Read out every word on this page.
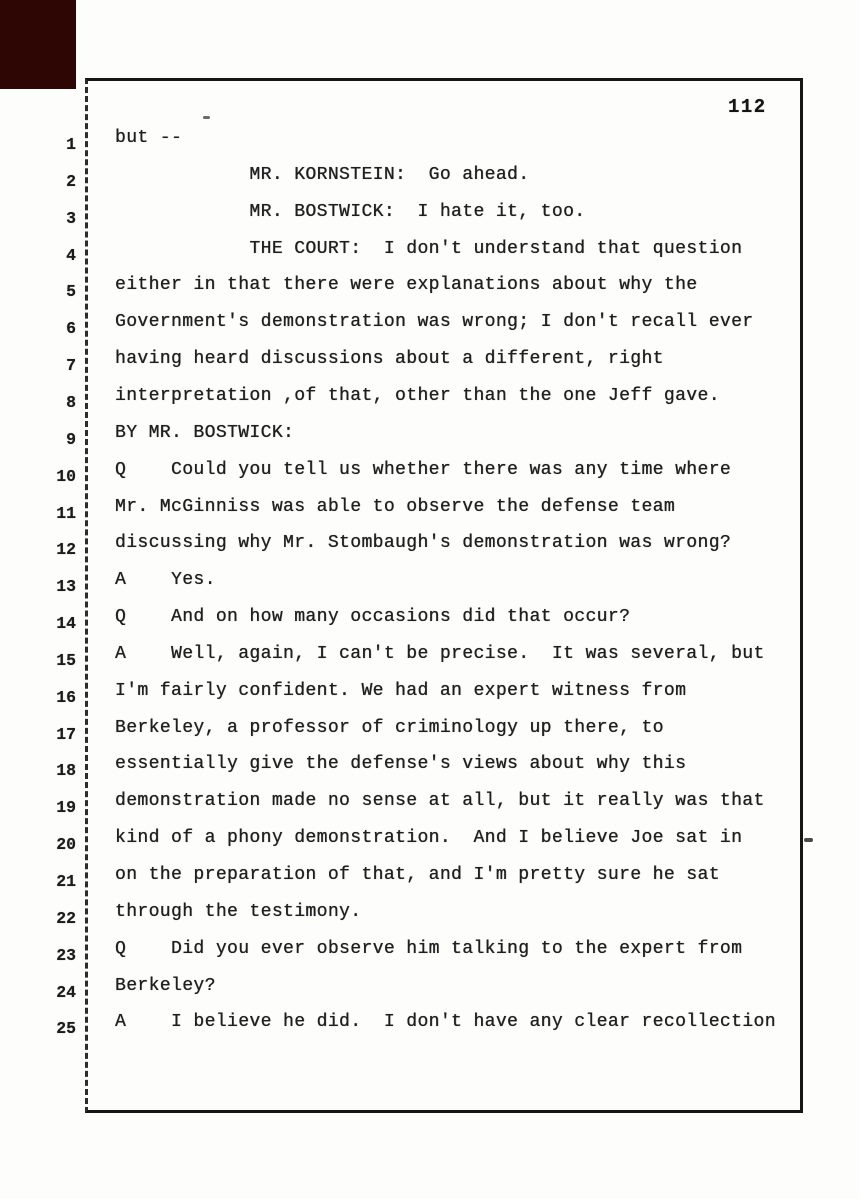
112
1
2
3
4
5
6
7
8
9
10
11
12
13
14
15
16
17
18
19
20
21
22
23
24
25
but --
MR. KORNSTEIN:  Go ahead.
MR. BOSTWICK:  I hate it, too.
THE COURT:  I don't understand that question
either in that there were explanations about why the
Government's demonstration was wrong; I don't recall ever
having heard discussions about a different, right
interpretation ,of that, other than the one Jeff gave.
BY MR. BOSTWICK:
Q    Could you tell us whether there was any time where
Mr. McGinniss was able to observe the defense team
discussing why Mr. Stombaugh's demonstration was wrong?
A    Yes.
Q    And on how many occasions did that occur?
A    Well, again, I can't be precise.  It was several, but
I'm fairly confident. We had an expert witness from
Berkeley, a professor of criminology up there, to
essentially give the defense's views about why this
demonstration made no sense at all, but it really was that
kind of a phony demonstration.  And I believe Joe sat in
on the preparation of that, and I'm pretty sure he sat
through the testimony.
Q    Did you ever observe him talking to the expert from
Berkeley?
A    I believe he did.  I don't have any clear recollection
